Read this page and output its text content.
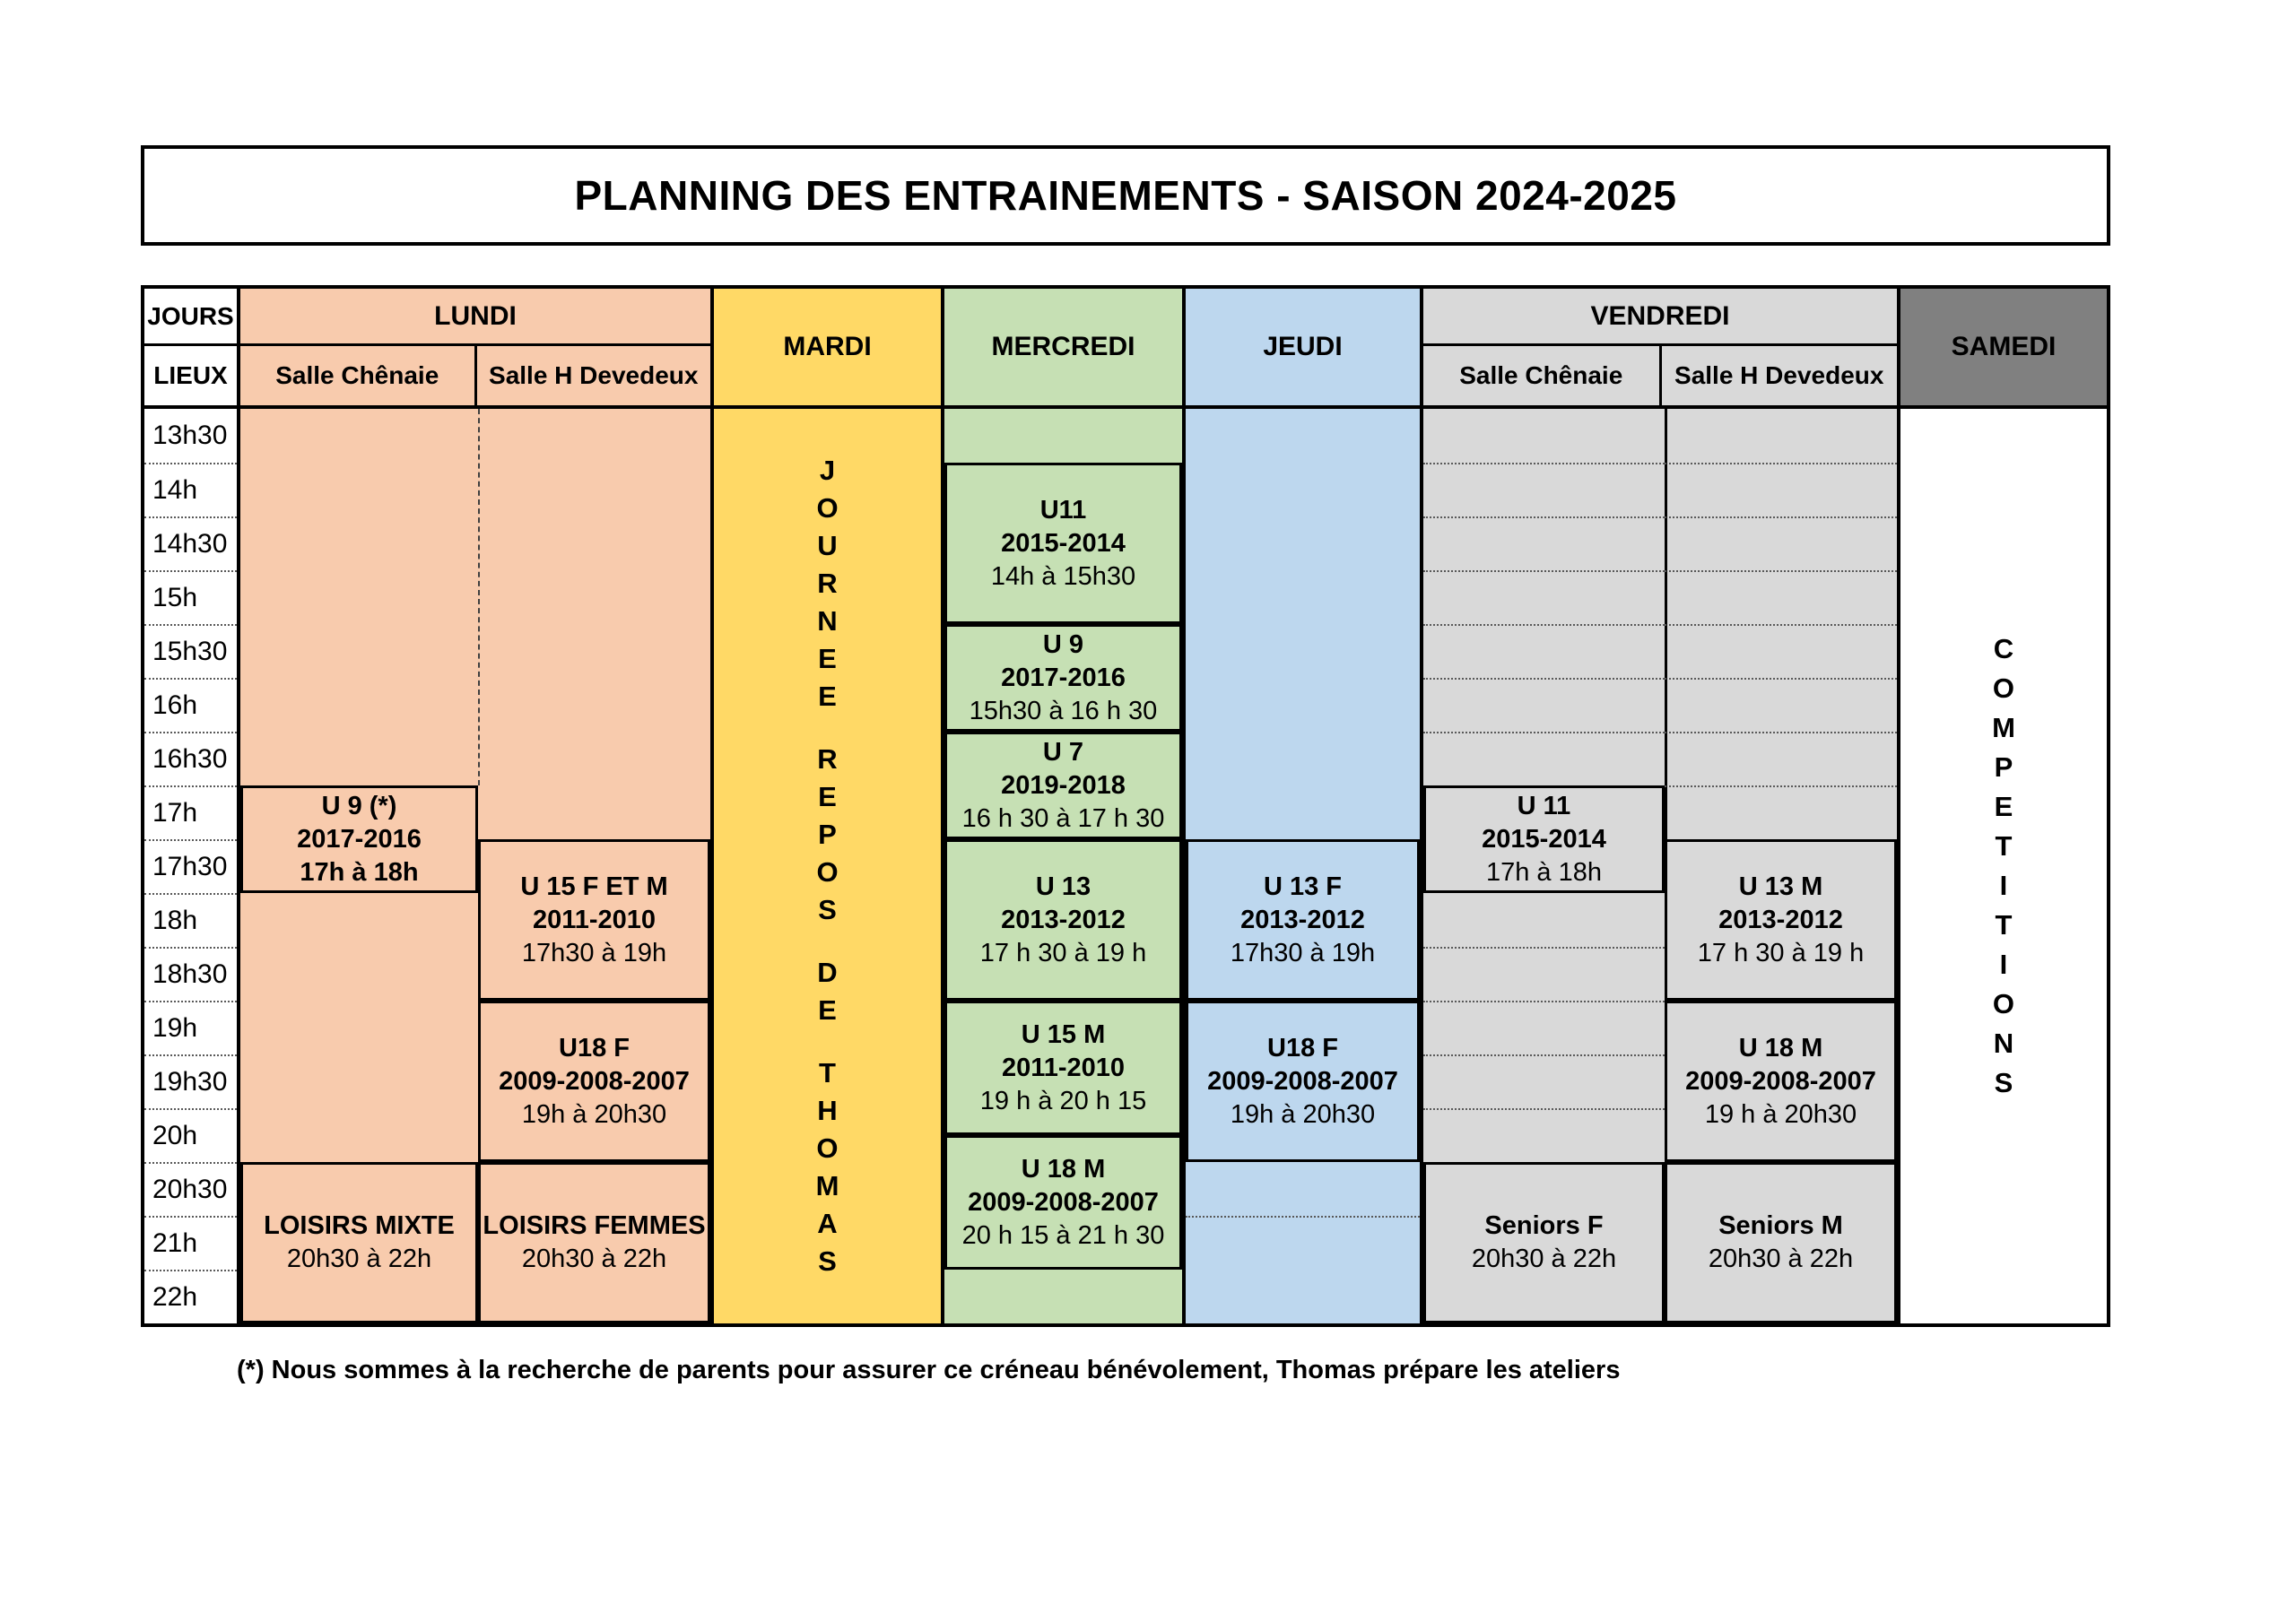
PLANNING DES ENTRAINEMENTS - SAISON 2024-2025
JOURS
LIEUX
13h30
14h
14h30
15h
15h30
16h
16h30
17h
17h30
18h
18h30
19h
19h30
20h
20h30
21h
22h
LUNDI
Salle Chênaie	Salle H Devedeux
U 9 (*)
2017-2016
17h à 18h
LOISIRS MIXTE
20h30 à 22h
U 15 F ET M
2011-2010
17h30 à 19h
U18 F
2009-2008-2007
19h à 20h30
LOISIRS FEMMES
20h30 à 22h
MARDI
J
O
U
R
N
E
E
R
E
P
O
S
D
E
T
H
O
M
A
S
MERCREDI
U11
2015-2014
14h à 15h30
U 9
2017-2016
15h30 à 16 h 30
U 7
2019-2018
16 h 30 à 17 h 30
U 13
2013-2012
17 h 30 à 19 h
U 15 M
2011-2010
19 h à 20 h 15
U 18 M
2009-2008-2007
20 h 15 à 21 h 30
JEUDI
U 13 F
2013-2012
17h30 à 19h
U18 F
2009-2008-2007
19h à 20h30
VENDREDI
Salle Chênaie	Salle H Devedeux
U 11
2015-2014
17h à 18h
Seniors F
20h30 à 22h
U 13 M
2013-2012
17 h 30 à 19 h
U 18 M
2009-2008-2007
19 h à 20h30
Seniors M
20h30 à 22h
SAMEDI
C
O
M
P
E
T
I
T
I
O
N
S
(*) Nous sommes à la recherche de parents pour assurer ce créneau bénévolement, Thomas prépare les ateliers
